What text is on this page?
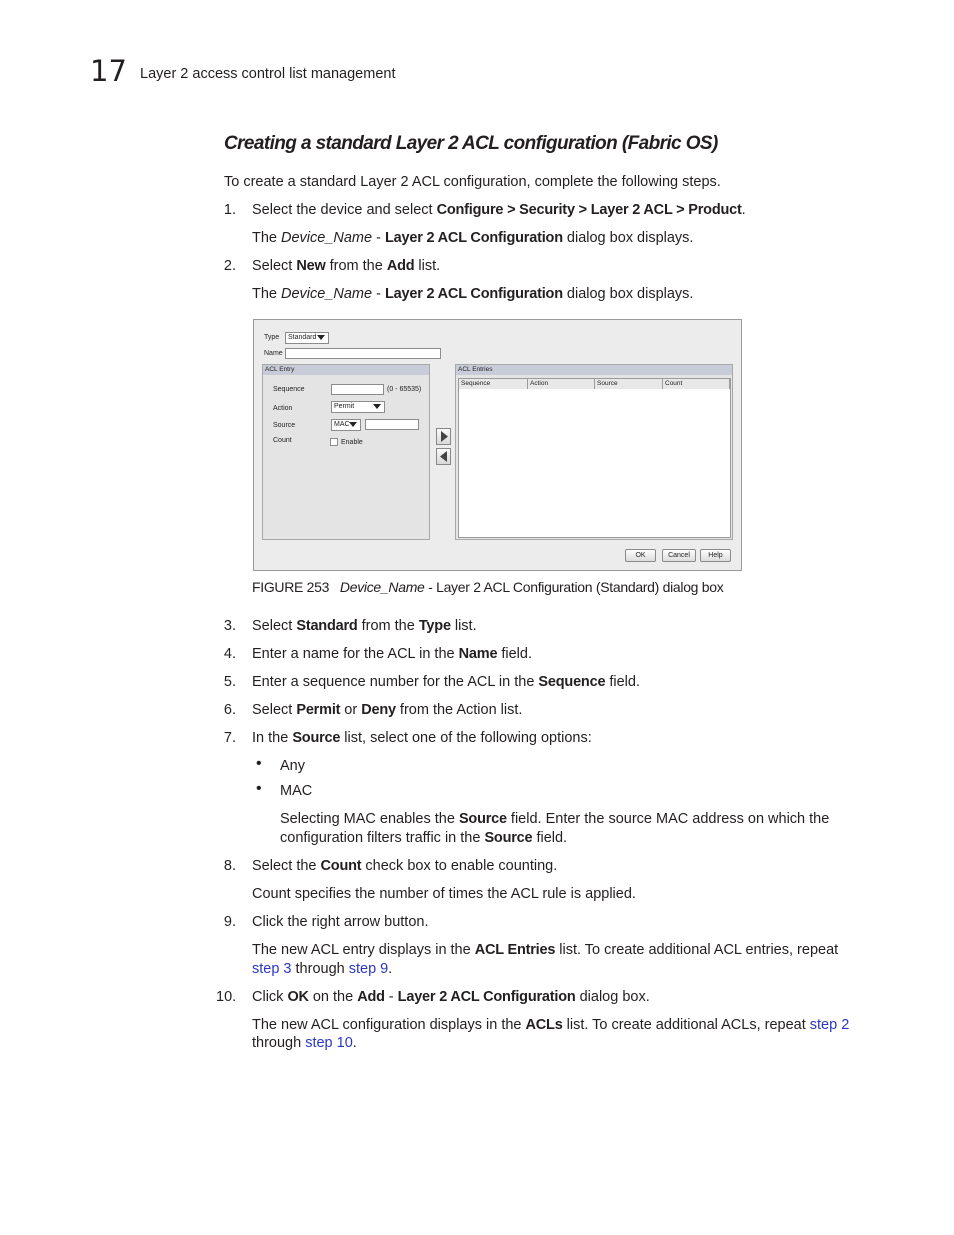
17 Layer 2 access control list management
Creating a standard Layer 2 ACL configuration (Fabric OS)
To create a standard Layer 2 ACL configuration, complete the following steps.
1. Select the device and select Configure > Security > Layer 2 ACL > Product.
The Device_Name - Layer 2 ACL Configuration dialog box displays.
2. Select New from the Add list.
The Device_Name - Layer 2 ACL Configuration dialog box displays.
Type	Standard
Name
ACL Entry
Sequence	(0 - 65535)
Action	Permit
Source	MAC
Count	Enable
ACL Entries
Sequence	Action	Source	Count
OK	Cancel	Help
FIGURE 253 Device_Name - Layer 2 ACL Configuration (Standard) dialog box
3. Select Standard from the Type list.
4. Enter a name for the ACL in the Name field.
5. Enter a sequence number for the ACL in the Sequence field.
6. Select Permit or Deny from the Action list.
7. In the Source list, select one of the following options:
• Any
• MAC
Selecting MAC enables the Source field. Enter the source MAC address on which the
configuration filters traffic in the Source field.
8. Select the Count check box to enable counting.
Count specifies the number of times the ACL rule is applied.
9. Click the right arrow button.
The new ACL entry displays in the ACL Entries list. To create additional ACL entries, repeat
step 3 through step 9.
10. Click OK on the Add - Layer 2 ACL Configuration dialog box.
The new ACL configuration displays in the ACLs list. To create additional ACLs, repeat step 2
through step 10.
